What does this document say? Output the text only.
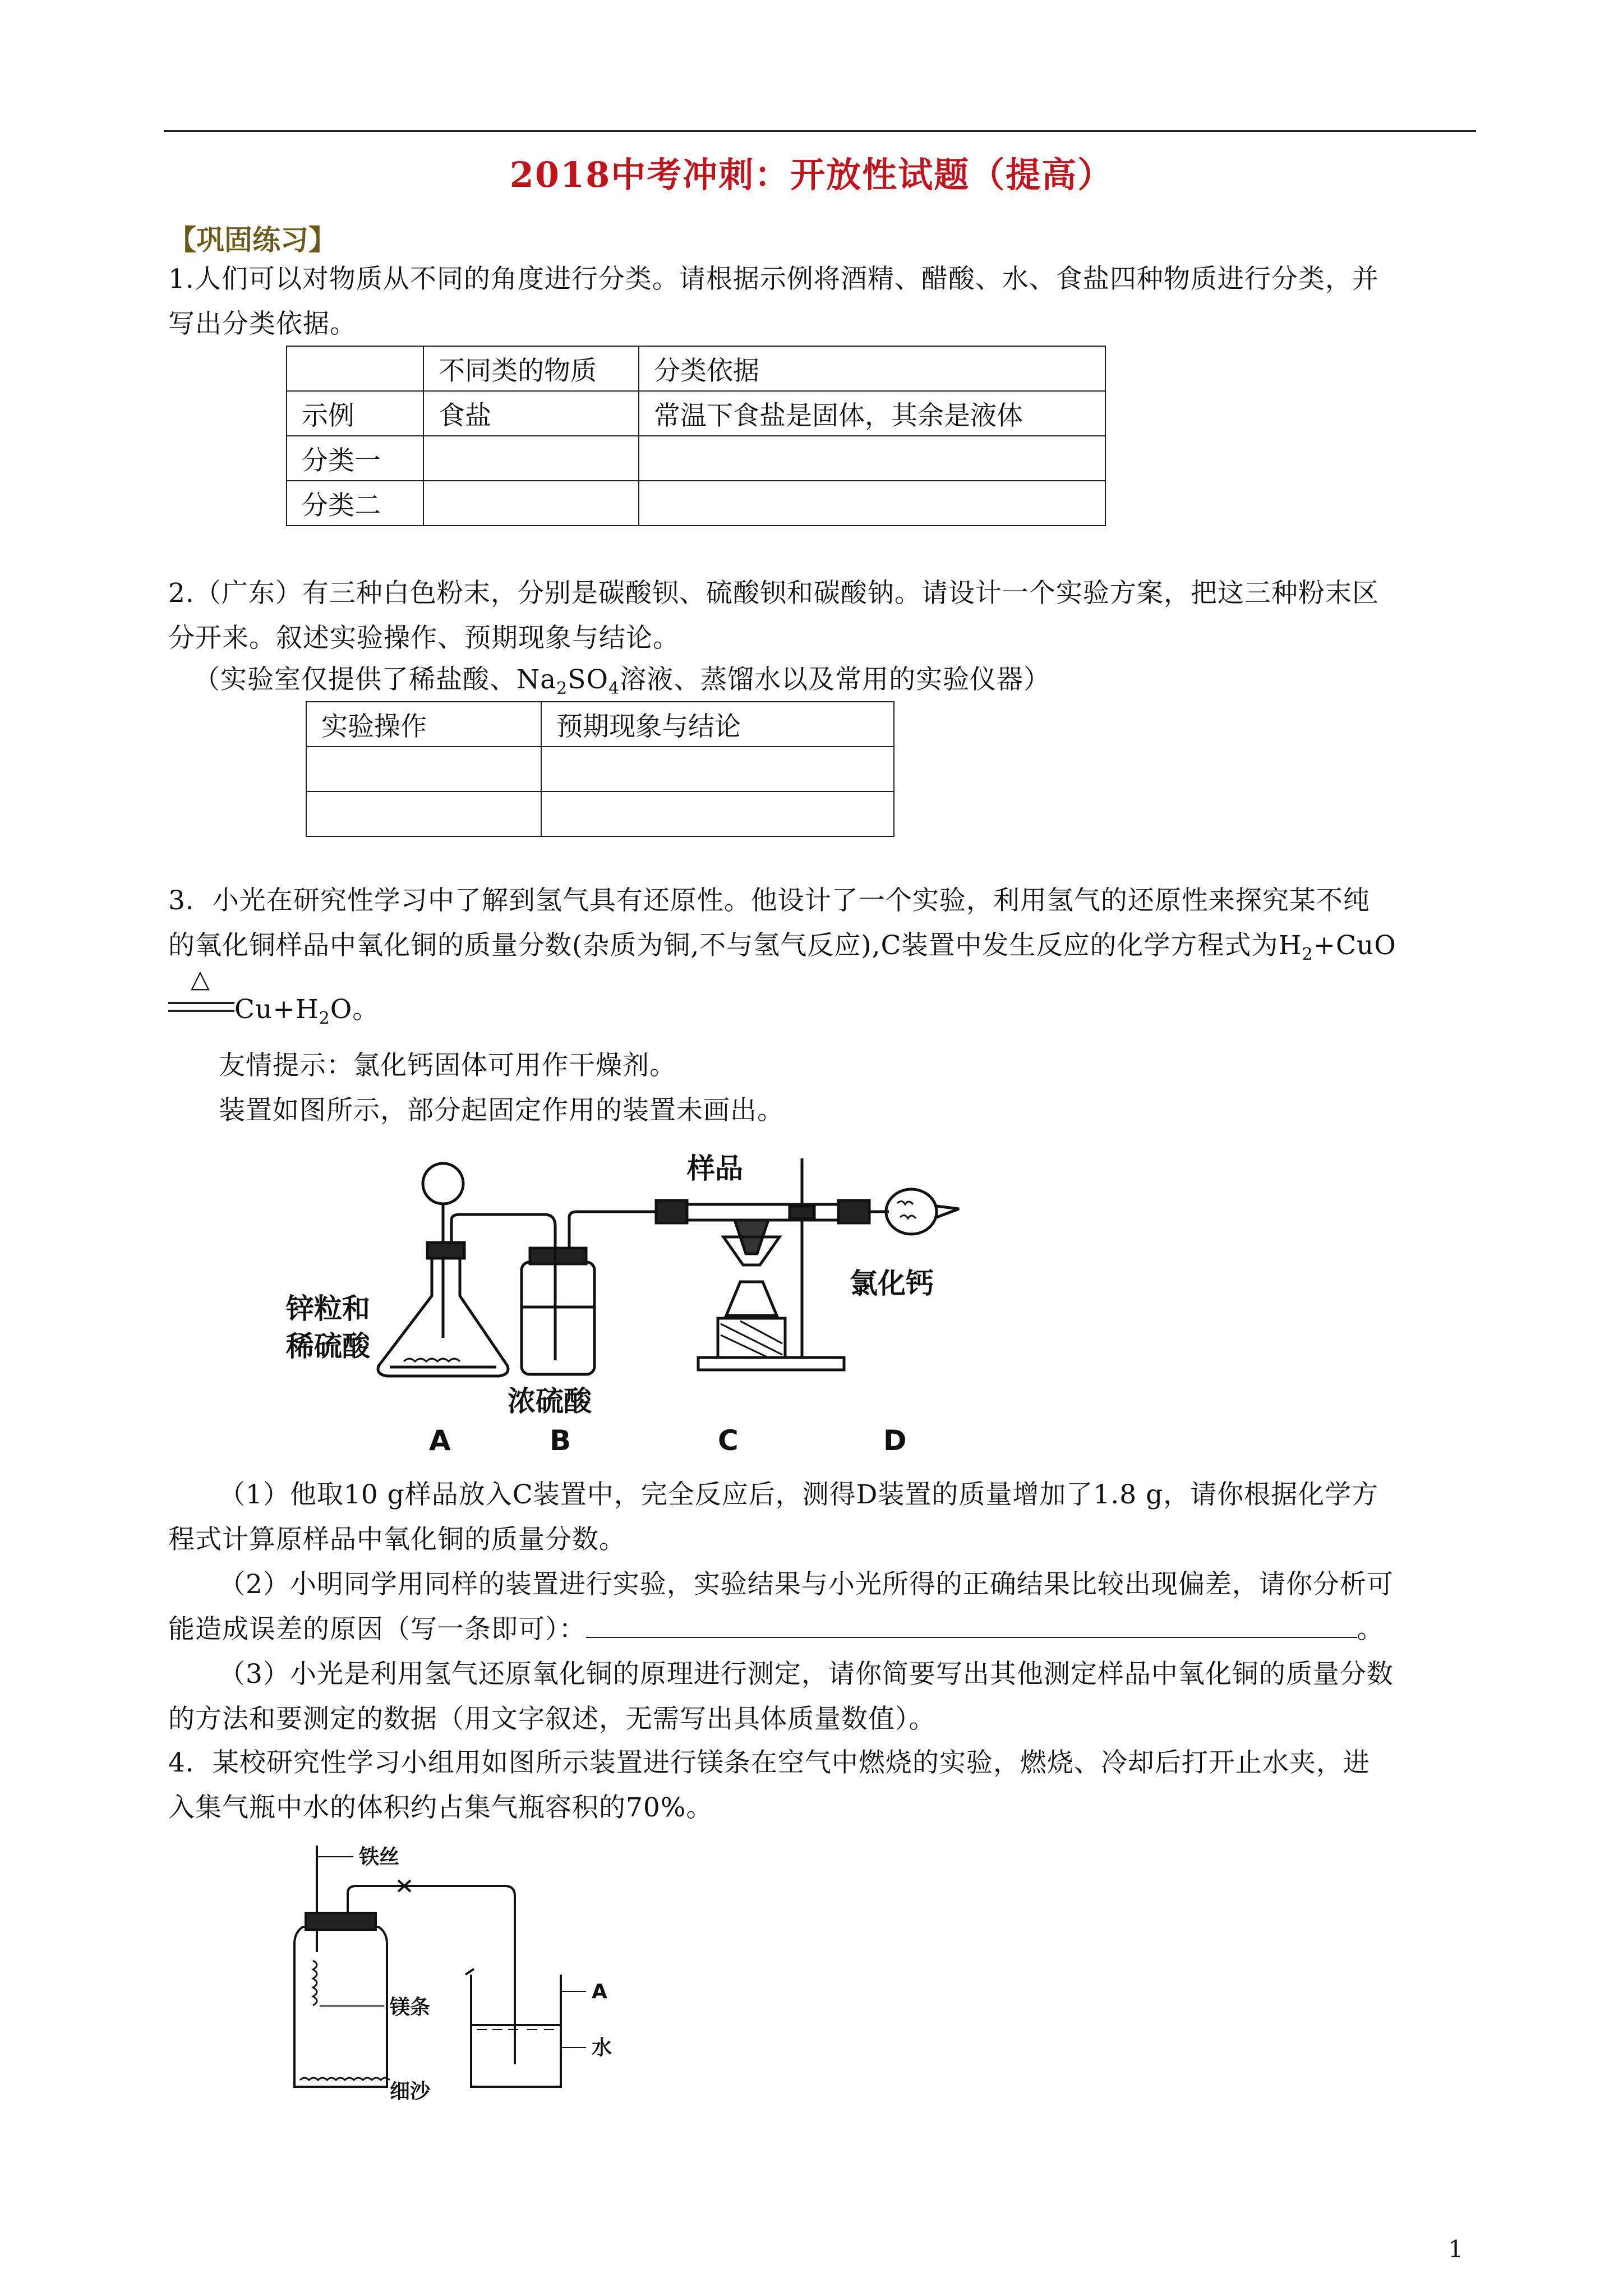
2018中考冲刺：开放性试题（提高）
【巩固练习】
1.人们可以对物质从不同的角度进行分类。请根据示例将酒精、醋酸、水、食盐四种物质进行分类，并
写出分类依据。
	不同类的物质	分类依据
示例	食盐	常温下食盐是固体，其余是液体
分类一		
分类二		
2.（广东）有三种白色粉末，分别是碳酸钡、硫酸钡和碳酸钠。请设计一个实验方案，把这三种粉末区
分开来。叙述实验操作、预期现象与结论。
（实验室仅提供了稀盐酸、$Na_2SO_4$溶液、蒸馏水以及常用的实验仪器）
实验操作	预期现象与结论

3．小光在研究性学习中了解到氢气具有还原性。他设计了一个实验，利用氢气的还原性来探究某不纯
的氧化铜样品中氧化铜的质量分数(杂质为铜,不与氢气反应),C装置中发生反应的化学方程式为$H_2+CuO$
△
$Cu+H_2O$。
友情提示：氯化钙固体可用作干燥剂。
装置如图所示，部分起固定作用的装置未画出。
样品
氯化钙
锌粒和
稀硫酸
浓硫酸
A	B	C	D
（1）他取10 g样品放入C装置中，完全反应后，测得D装置的质量增加了1.8 g，请你根据化学方
程式计算原样品中氧化铜的质量分数。
（2）小明同学用同样的装置进行实验，实验结果与小光所得的正确结果比较出现偏差，请你分析可
能造成误差的原因（写一条即可）：	。
（3）小光是利用氢气还原氧化铜的原理进行测定，请你简要写出其他测定样品中氧化铜的质量分数
的方法和要测定的数据（用文字叙述，无需写出具体质量数值）。
4．某校研究性学习小组用如图所示装置进行镁条在空气中燃烧的实验，燃烧、冷却后打开止水夹，进
入集气瓶中水的体积约占集气瓶容积的70%。
铁丝
镁条
细沙
A
水
1
